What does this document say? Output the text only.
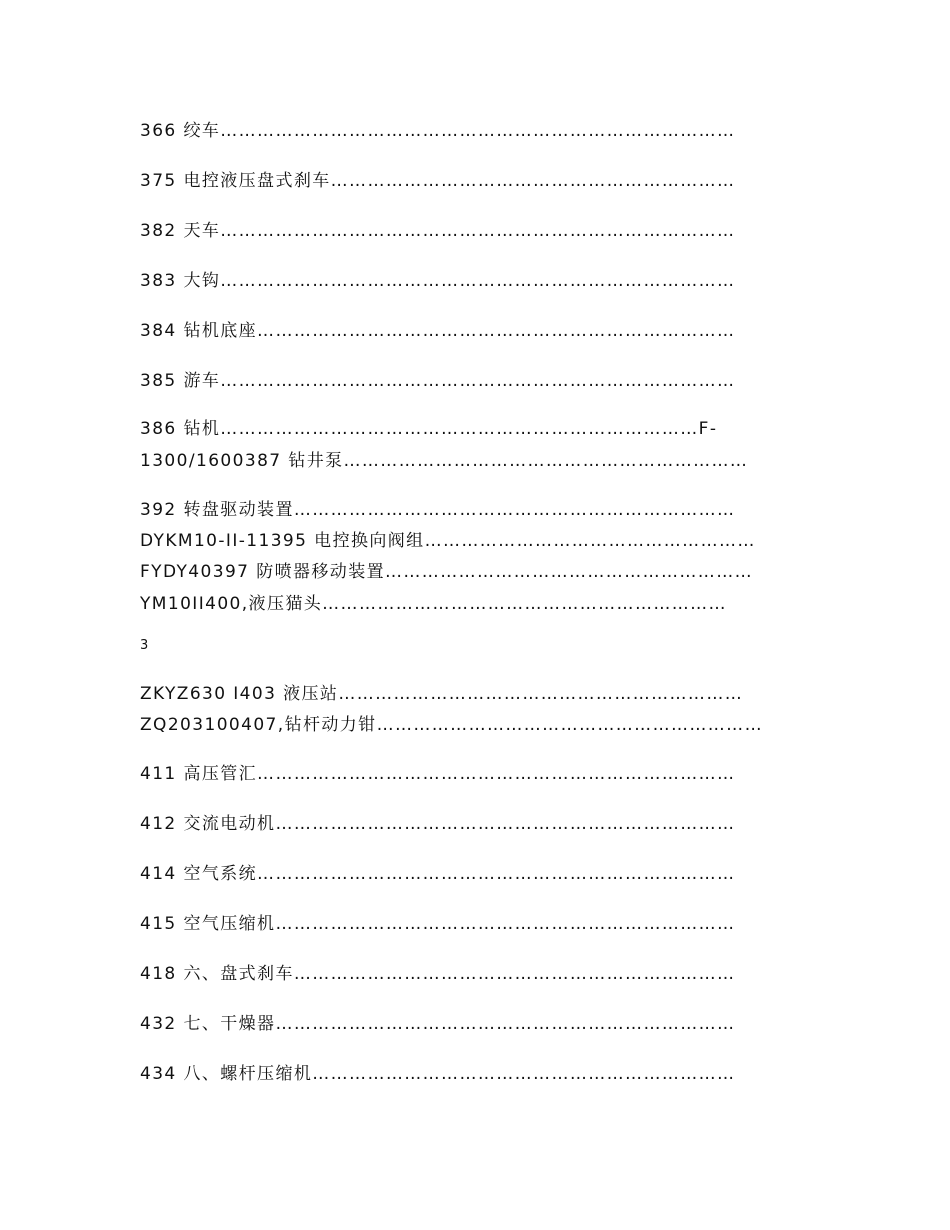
366 绞车…………………………………………………………………………
375 电控液压盘式刹车…………………………………………………………
382 天车…………………………………………………………………………
383 大钩…………………………………………………………………………
384 钻机底座……………………………………………………………………
385 游车…………………………………………………………………………
386 钻机……………………………………………………………………F-
1300/1600387 钻井泵…………………………………………………………
392 转盘驱动装置………………………………………………………………
DYKM10-II-11395 电控换向阀组………………………………………………
FYDY40397 防喷器移动装置……………………………………………………
YM10II400,液压猫头…………………………………………………………
3
ZKYZ630 I403 液压站…………………………………………………………
ZQ203100407,钻杆动力钳………………………………………………………
411 高压管汇……………………………………………………………………
412 交流电动机…………………………………………………………………
414 空气系统……………………………………………………………………
415 空气压缩机…………………………………………………………………
418 六、盘式刹车………………………………………………………………
432 七、干燥器…………………………………………………………………
434 八、螺杆压缩机……………………………………………………………
